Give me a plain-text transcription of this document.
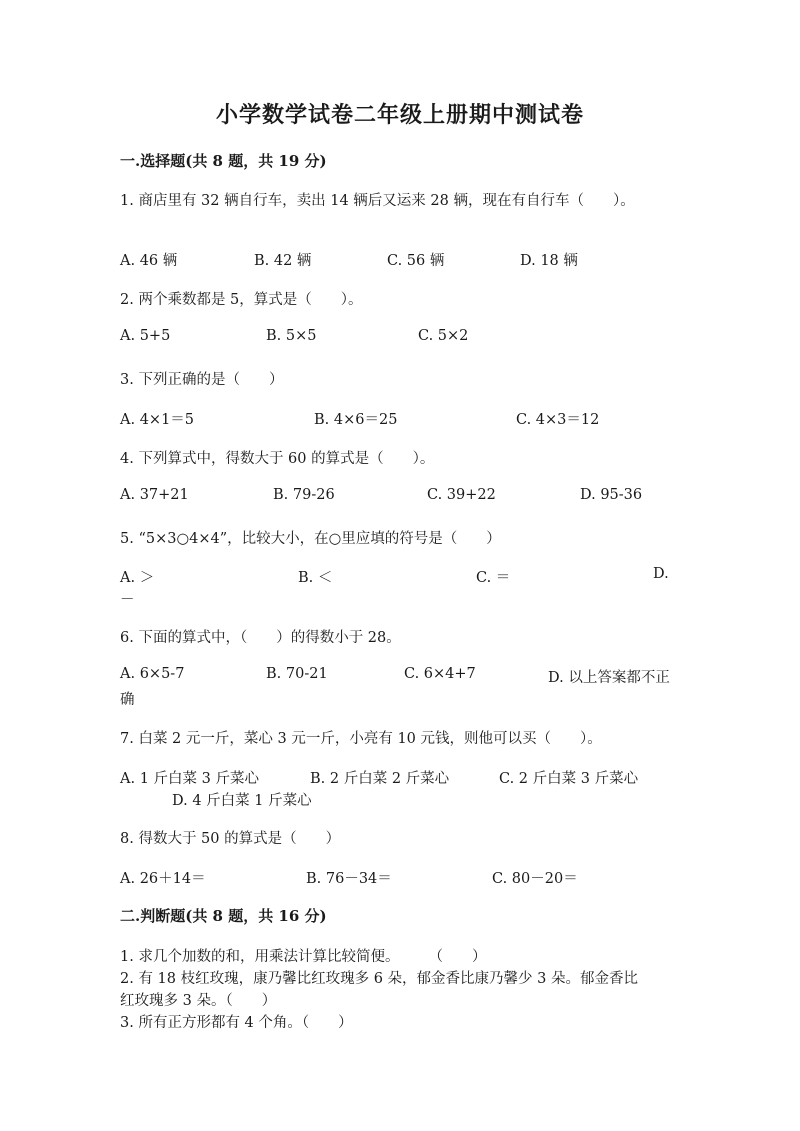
小学数学试卷二年级上册期中测试卷

一.选择题(共 8 题，共 19 分)

1. 商店里有 32 辆自行车，卖出 14 辆后又运来 28 辆，现在有自行车（　　）。

A. 46 辆	B. 42 辆	C. 56 辆	D. 18 辆

2. 两个乘数都是 5，算式是（　　）。

A. 5+5	B. 5×5	C. 5×2

3. 下列正确的是（　　）

A. 4×1＝5	B. 4×6＝25	C. 4×3＝12

4. 下列算式中，得数大于 60 的算式是（　　）。

A. 37+21	B. 79-26	C. 39+22	D. 95-36

5. “5×3○4×4”，比较大小，在○里应填的符号是（　　）

A. ＞	B. ＜	C. ＝	D.

－

6. 下面的算式中，（　　）的得数小于 28。

A. 6×5-7	B. 70-21	C. 6×4+7	D. 以上答案都不正

确

7. 白菜 2 元一斤，菜心 3 元一斤，小亮有 10 元钱，则他可以买（　　）。

A. 1 斤白菜 3 斤菜心	B. 2 斤白菜 2 斤菜心	C. 2 斤白菜 3 斤菜心

D. 4 斤白菜 1 斤菜心

8. 得数大于 50 的算式是（　　）

A. 26＋14＝	B. 76－34＝	C. 80－20＝

二.判断题(共 8 题，共 16 分)

1. 求几个加数的和，用乘法计算比较简便。　　　（　　）

2. 有 18 枝红玫瑰，康乃馨比红玫瑰多 6 朵，郁金香比康乃馨少 3 朵。郁金香比

红玫瑰多 3 朵。（　　）

3. 所有正方形都有 4 个角。（　　）
